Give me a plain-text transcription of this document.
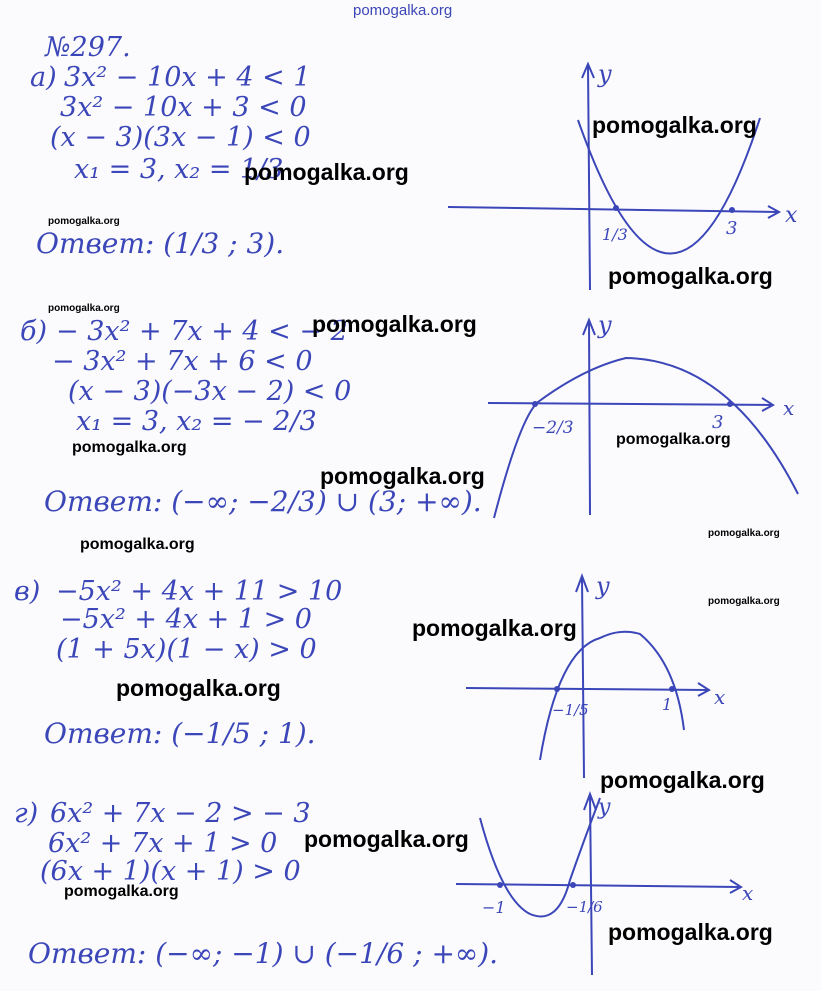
pomogalka.org
№297.
а) 3x² − 10x + 4 < 1
3x² − 10x + 3 < 0
(x − 3)(3x − 1) < 0
x₁ = 3, x₂ = 1/3
Ответ: (1/3 ; 3).
x
y
1/3	3
pomogalka.org
pomogalka.org
pomogalka.org
pomogalka.org
pomogalka.org
б) − 3x² + 7x + 4 < − 2
− 3x² + 7x + 6 < 0
(x − 3)(−3x − 2) < 0
x₁ = 3, x₂ = − 2/3
Ответ: (−∞; −2/3) ∪ (3; +∞).
x
y
−2/3	3
pomogalka.org
pomogalka.org	pomogalka.org
pomogalka.org
pomogalka.org
pomogalka.org
в) −5x² + 4x + 11 > 10
−5x² + 4x + 1 > 0
(1 + 5x)(1 − x) > 0
Ответ: (−1/5 ; 1).
x
y
−1/5	1
pomogalka.org
pomogalka.org
pomogalka.org
pomogalka.org
г) 6x² + 7x − 2 > − 3
6x² + 7x + 1 > 0
(6x + 1)(x + 1) > 0
Ответ: (−∞; −1) ∪ (−1/6 ; +∞).
x
y
−1	−1/6
pomogalka.org
pomogalka.org
pomogalka.org
